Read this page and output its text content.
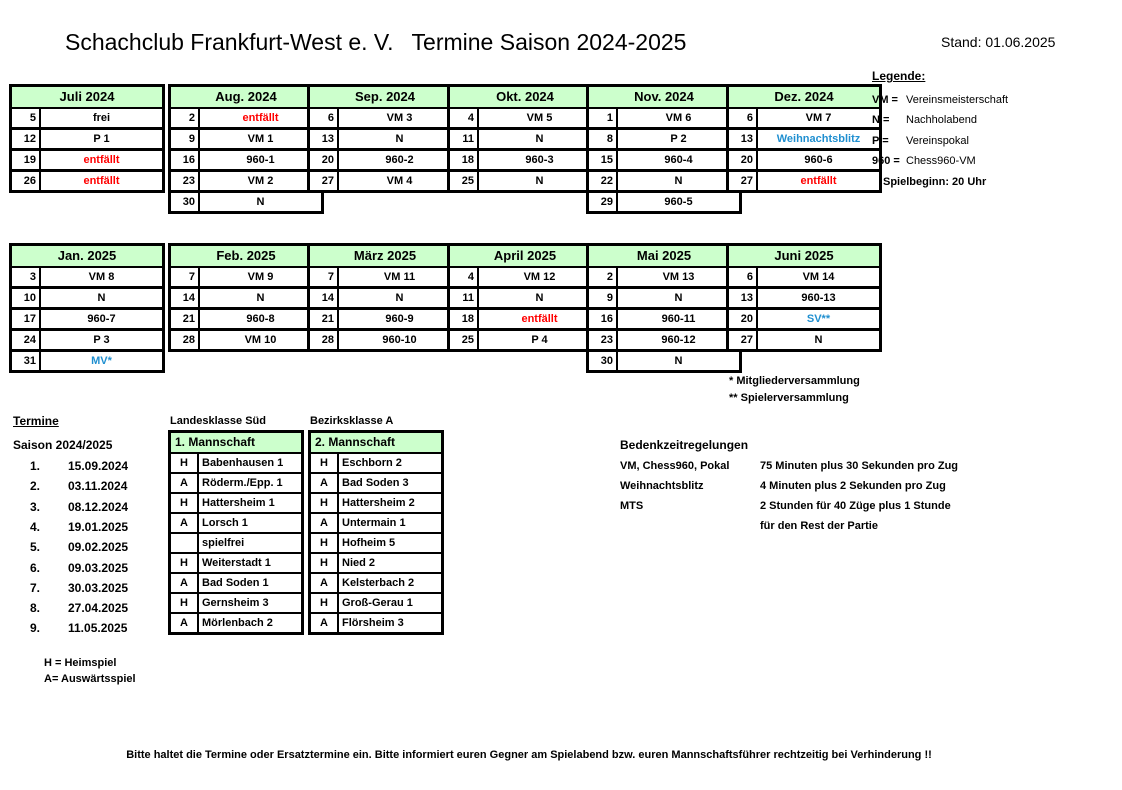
Schachclub Frankfurt-West e. V. Termine Saison 2024-2025	Stand: 01.06.2025
Juli 2024
5	frei
12	P 1
19	entfällt
26	entfällt
Aug. 2024
2	entfällt
9	VM 1
16	960-1
23	VM 2
30	N
Sep. 2024
6	VM 3
13	N
20	960-2
27	VM 4
Okt. 2024
4	VM 5
11	N
18	960-3
25	N
Nov. 2024
1	VM 6
8	P 2
15	960-4
22	N
29	960-5
Dez. 2024
6	VM 7
13	Weihnachtsblitz
20	960-6
27	entfällt
Jan. 2025
3	VM 8
10	N
17	960-7
24	P 3
31	MV*
Feb. 2025
7	VM 9
14	N
21	960-8
28	VM 10
März 2025
7	VM 11
14	N
21	960-9
28	960-10
April 2025
4	VM 12
11	N
18	entfällt
25	P 4
Mai 2025
2	VM 13
9	N
16	960-11
23	960-12
30	N
Juni 2025
6	VM 14
13	960-13
20	SV**
27	N
Legende:
VM = Vereinsmeisterschaft
N = Nachholabend
P = Vereinspokal
960 = Chess960-VM
Spielbeginn: 20 Uhr
* Mitgliederversammlung
** Spielerversammlung
Termine
Saison 2024/2025
1. 15.09.2024
2. 03.11.2024
3. 08.12.2024
4. 19.01.2025
5. 09.02.2025
6. 09.03.2025
7. 30.03.2025
8. 27.04.2025
9. 11.05.2025
Landesklasse Süd	Bezirksklasse A
1. Mannschaft
H	Babenhausen 1
A	Röderm./Epp. 1
H	Hattersheim 1
A	Lorsch 1
spielfrei
H	Weiterstadt 1
A	Bad Soden 1
H	Gernsheim 3
A	Mörlenbach 2
2. Mannschaft
H	Eschborn 2
A	Bad Soden 3
H	Hattersheim 2
A	Untermain 1
H	Hofheim 5
H	Nied 2
A	Kelsterbach 2
H	Groß-Gerau 1
A	Flörsheim 3
Bedenkzeitregelungen
VM, Chess960, Pokal	75 Minuten plus 30 Sekunden pro Zug
Weihnachtsblitz	4 Minuten plus 2 Sekunden pro Zug
MTS	2 Stunden für 40 Züge plus 1 Stunde
für den Rest der Partie
H = Heimspiel
A= Auswärtsspiel
Bitte haltet die Termine oder Ersatztermine ein. Bitte informiert euren Gegner am Spielabend bzw. euren Mannschaftsführer rechtzeitig bei Verhinderung !!
